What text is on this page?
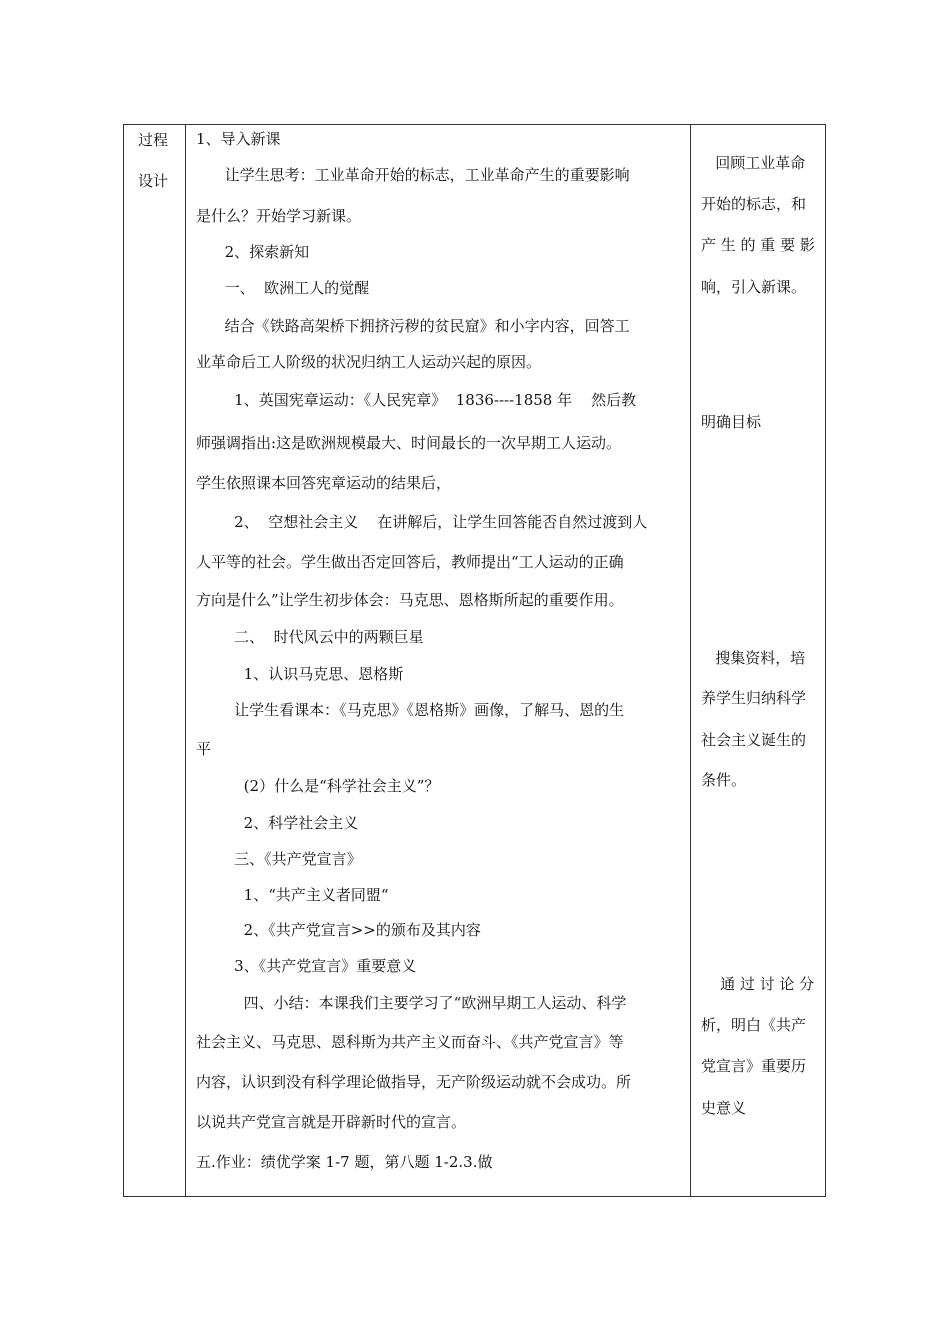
过程
设计
1、导入新课
让学生思考：工业革命开始的标志，工业革命产生的重要影响
是什么？开始学习新课。
2、探索新知
一、  欧洲工人的觉醒
结合《铁路高架桥下拥挤污秽的贫民窟》和小字内容，回答工
业革命后工人阶级的状况归纳工人运动兴起的原因。
1、英国宪章运动：《人民宪章》  1836----1858 年    然后教
师强调指出:这是欧洲规模最大、时间最长的一次早期工人运动。
学生依照课本回答宪章运动的结果后，
2、  空想社会主义    在讲解后，让学生回答能否自然过渡到人
人平等的社会。学生做出否定回答后，教师提出“工人运动的正确
方向是什么”让学生初步体会：马克思、恩格斯所起的重要作用。
二、  时代风云中的两颗巨星
1、认识马克思、恩格斯
让学生看课本：《马克思》《恩格斯》画像，了解马、恩的生
平
(2）什么是“科学社会主义”？
2、科学社会主义
三、《共产党宣言》
1、“共产主义者同盟“
2、《共产党宣言>>的颁布及其内容
3、《共产党宣言》重要意义
四、小结：本课我们主要学习了“欧洲早期工人运动、科学
社会主义、马克思、恩科斯为共产主义而奋斗、《共产党宣言》等
内容，认识到没有科学理论做指导，无产阶级运动就不会成功。所
以说共产党宣言就是开辟新时代的宣言。
五.作业：绩优学案 1-7 题，第八题 1-2.3.做
回顾工业革命
开始的标志，和
产 生 的 重 要 影
响，引入新课。
明确目标
搜集资料，培
养学生归纳科学
社会主义诞生的
条件。
通 过 讨 论 分
析，明白《共产
党宣言》重要历
史意义
